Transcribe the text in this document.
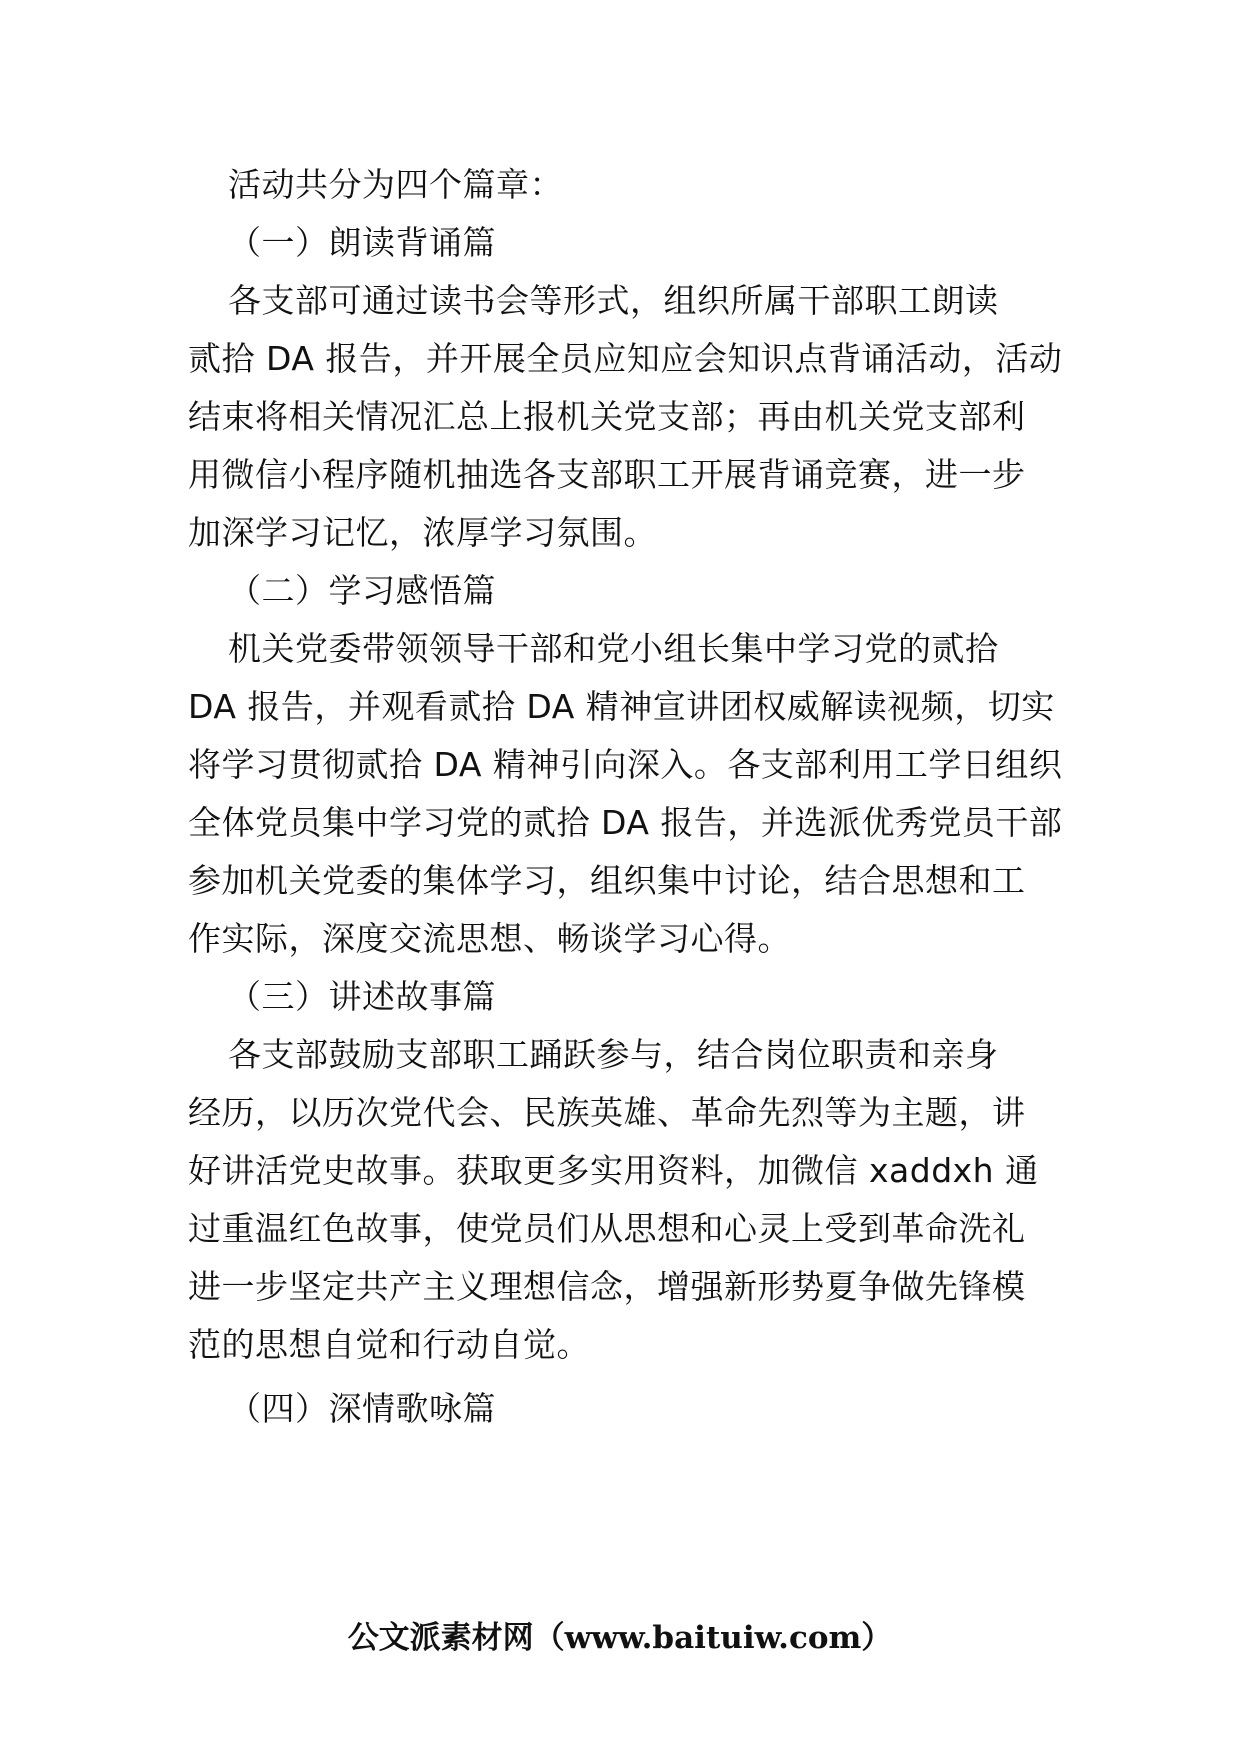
活动共分为四个篇章：
（一）朗读背诵篇
各支部可通过读书会等形式，组织所属干部职工朗读
贰拾 DA 报告，并开展全员应知应会知识点背诵活动，活动
结束将相关情况汇总上报机关党支部；再由机关党支部利
用微信小程序随机抽选各支部职工开展背诵竞赛，进一步
加深学习记忆，浓厚学习氛围。
（二）学习感悟篇
机关党委带领领导干部和党小组长集中学习党的贰拾
DA 报告，并观看贰拾 DA 精神宣讲团权威解读视频，切实
将学习贯彻贰拾 DA 精神引向深入。各支部利用工学日组织
全体党员集中学习党的贰拾 DA 报告，并选派优秀党员干部
参加机关党委的集体学习，组织集中讨论，结合思想和工
作实际，深度交流思想、畅谈学习心得。
（三）讲述故事篇
各支部鼓励支部职工踊跃参与，结合岗位职责和亲身
经历，以历次党代会、民族英雄、革命先烈等为主题，讲
好讲活党史故事。获取更多实用资料，加微信 xaddxh 通
过重温红色故事，使党员们从思想和心灵上受到革命洗礼
进一步坚定共产主义理想信念，增强新形势夏争做先锋模
范的思想自觉和行动自觉。
（四）深情歌咏篇
公文派素材网（www.baituiw.com）
